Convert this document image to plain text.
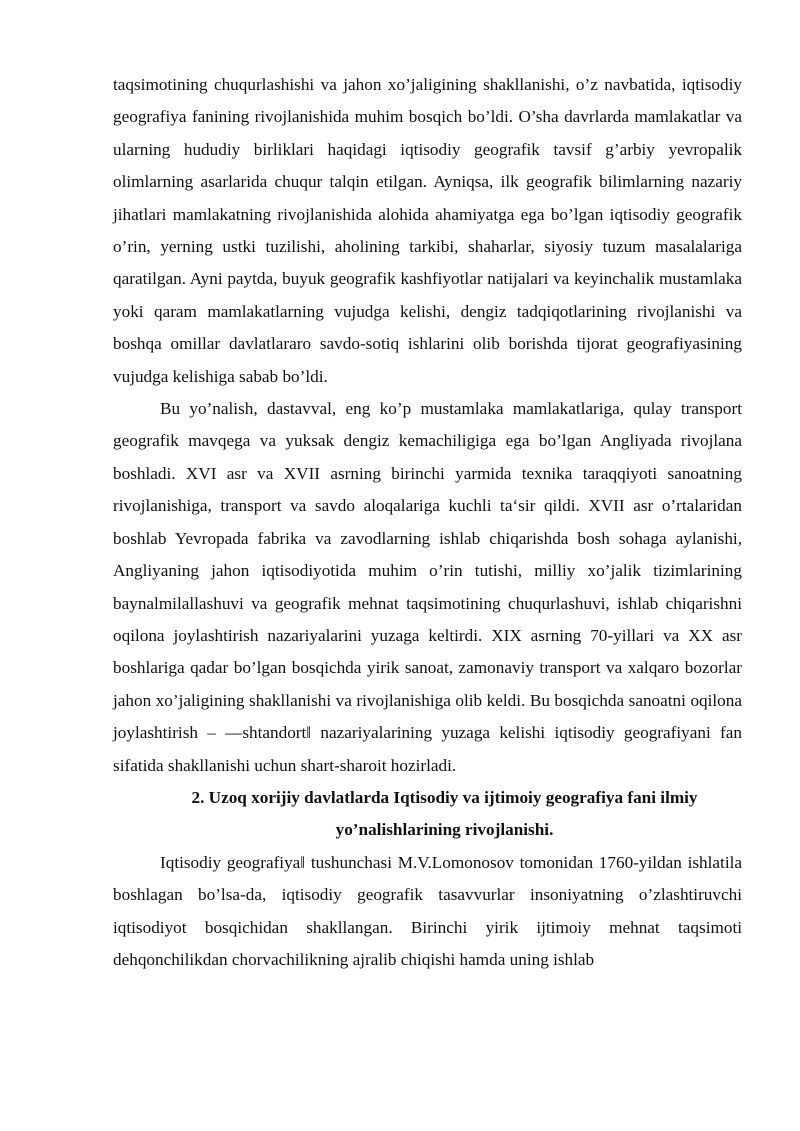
taqsimotining chuqurlashishi va jahon xo’jaligining shakllanishi, o’z navbatida, iqtisodiy geografiya fanining rivojlanishida muhim bosqich bo’ldi. O’sha davrlarda mamlakatlar va ularning hududiy birliklari haqidagi iqtisodiy geografik tavsif g’arbiy yevropalik olimlarning asarlarida chuqur talqin etilgan. Ayniqsa, ilk geografik bilimlarning nazariy jihatlari mamlakatning rivojlanishida alohida ahamiyatga ega bo’lgan iqtisodiy geografik o’rin, yerning ustki tuzilishi, aholining tarkibi, shaharlar, siyosiy tuzum masalalariga qaratilgan. Ayni paytda, buyuk geografik kashfiyotlar natijalari va keyinchalik mustamlaka yoki qaram mamlakatlarning vujudga kelishi, dengiz tadqiqotlarining rivojlanishi va boshqa omillar davlatlararo savdo-sotiq ishlarini olib borishda tijorat geografiyasining vujudga kelishiga sabab bo’ldi.

Bu yo’nalish, dastavval, eng ko’p mustamlaka mamlakatlariga, qulay transport geografik mavqega va yuksak dengiz kemachiligiga ega bo’lgan Angliyada rivojlana boshladi. XVI asr va XVII asrning birinchi yarmida texnika taraqqiyoti sanoatning rivojlanishiga, transport va savdo aloqalariga kuchli ta‘sir qildi. XVII asr o’rtalaridan boshlab Yevropada fabrika va zavodlarning ishlab chiqarishda bosh sohaga aylanishi, Angliyaning jahon iqtisodiyotida muhim o’rin tutishi, milliy xo’jalik tizimlarining baynalmilallashuvi va geografik mehnat taqsimotining chuqurlashuvi, ishlab chiqarishni oqilona joylashtirish nazariyalarini yuzaga keltirdi. XIX asrning 70-yillari va XX asr boshlariga qadar bo’lgan bosqichda yirik sanoat, zamonaviy transport va xalqaro bozorlar jahon xo’jaligining shakllanishi va rivojlanishiga olib keldi. Bu bosqichda sanoatni oqilona joylashtirish – ―shtandort‖ nazariyalarining yuzaga kelishi iqtisodiy geografiyani fan sifatida shakllanishi uchun shart-sharoit hozirladi.

2. Uzoq xorijiy davlatlarda Iqtisodiy va ijtimoiy geografiya fani ilmiy yo’nalishlarining rivojlanishi.

Iqtisodiy geografiya‖ tushunchasi M.V.Lomonosov tomonidan 1760-yildan ishlatila boshlagan bo’lsa-da, iqtisodiy geografik tasavvurlar insoniyatning o’zlashtiruvchi iqtisodiyot bosqichidan shakllangan. Birinchi yirik ijtimoiy mehnat taqsimoti dehqonchilikdan chorvachilikning ajralib chiqishi hamda uning ishlab
